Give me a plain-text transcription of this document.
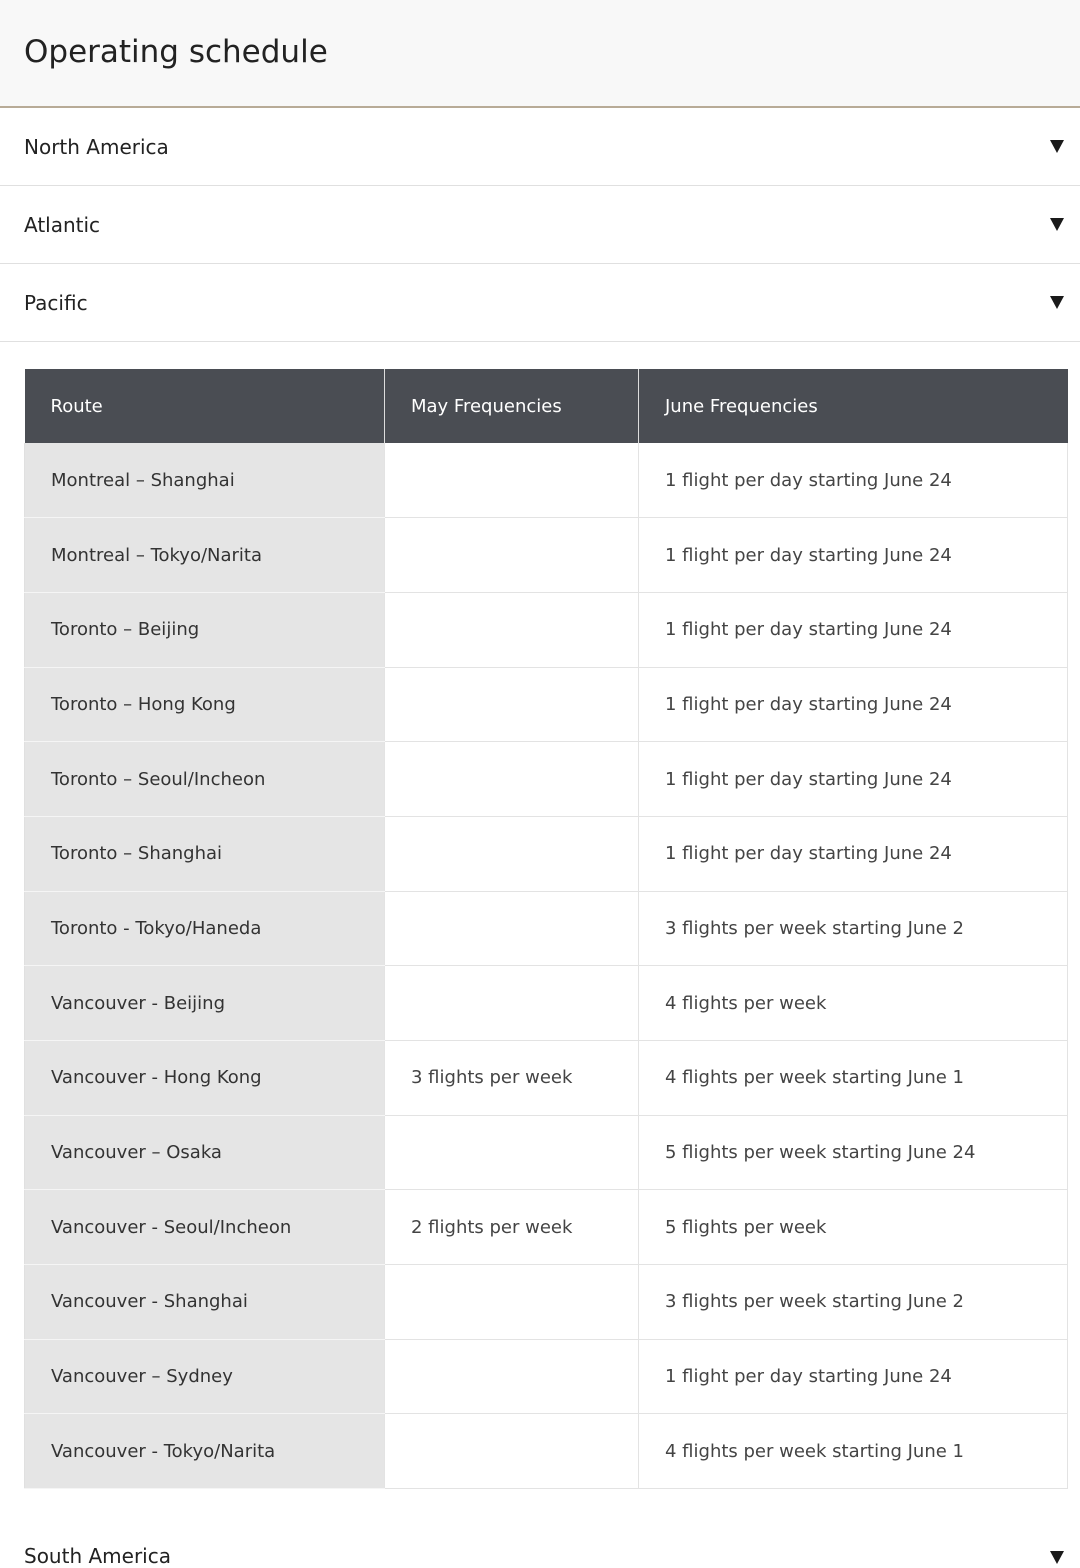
Operating schedule
North America
Atlantic
Pacific
Route	May Frequencies	June Frequencies
Montreal – Shanghai		1 flight per day starting June 24
Montreal – Tokyo/Narita		1 flight per day starting June 24
Toronto – Beijing		1 flight per day starting June 24
Toronto – Hong Kong		1 flight per day starting June 24
Toronto – Seoul/Incheon		1 flight per day starting June 24
Toronto – Shanghai		1 flight per day starting June 24
Toronto - Tokyo/Haneda		3 flights per week starting June 2
Vancouver - Beijing		4 flights per week
Vancouver - Hong Kong	3 flights per week	4 flights per week starting June 1
Vancouver – Osaka		5 flights per week starting June 24
Vancouver - Seoul/Incheon	2 flights per week	5 flights per week
Vancouver - Shanghai		3 flights per week starting June 2
Vancouver – Sydney		1 flight per day starting June 24
Vancouver - Tokyo/Narita		4 flights per week starting June 1
South America
